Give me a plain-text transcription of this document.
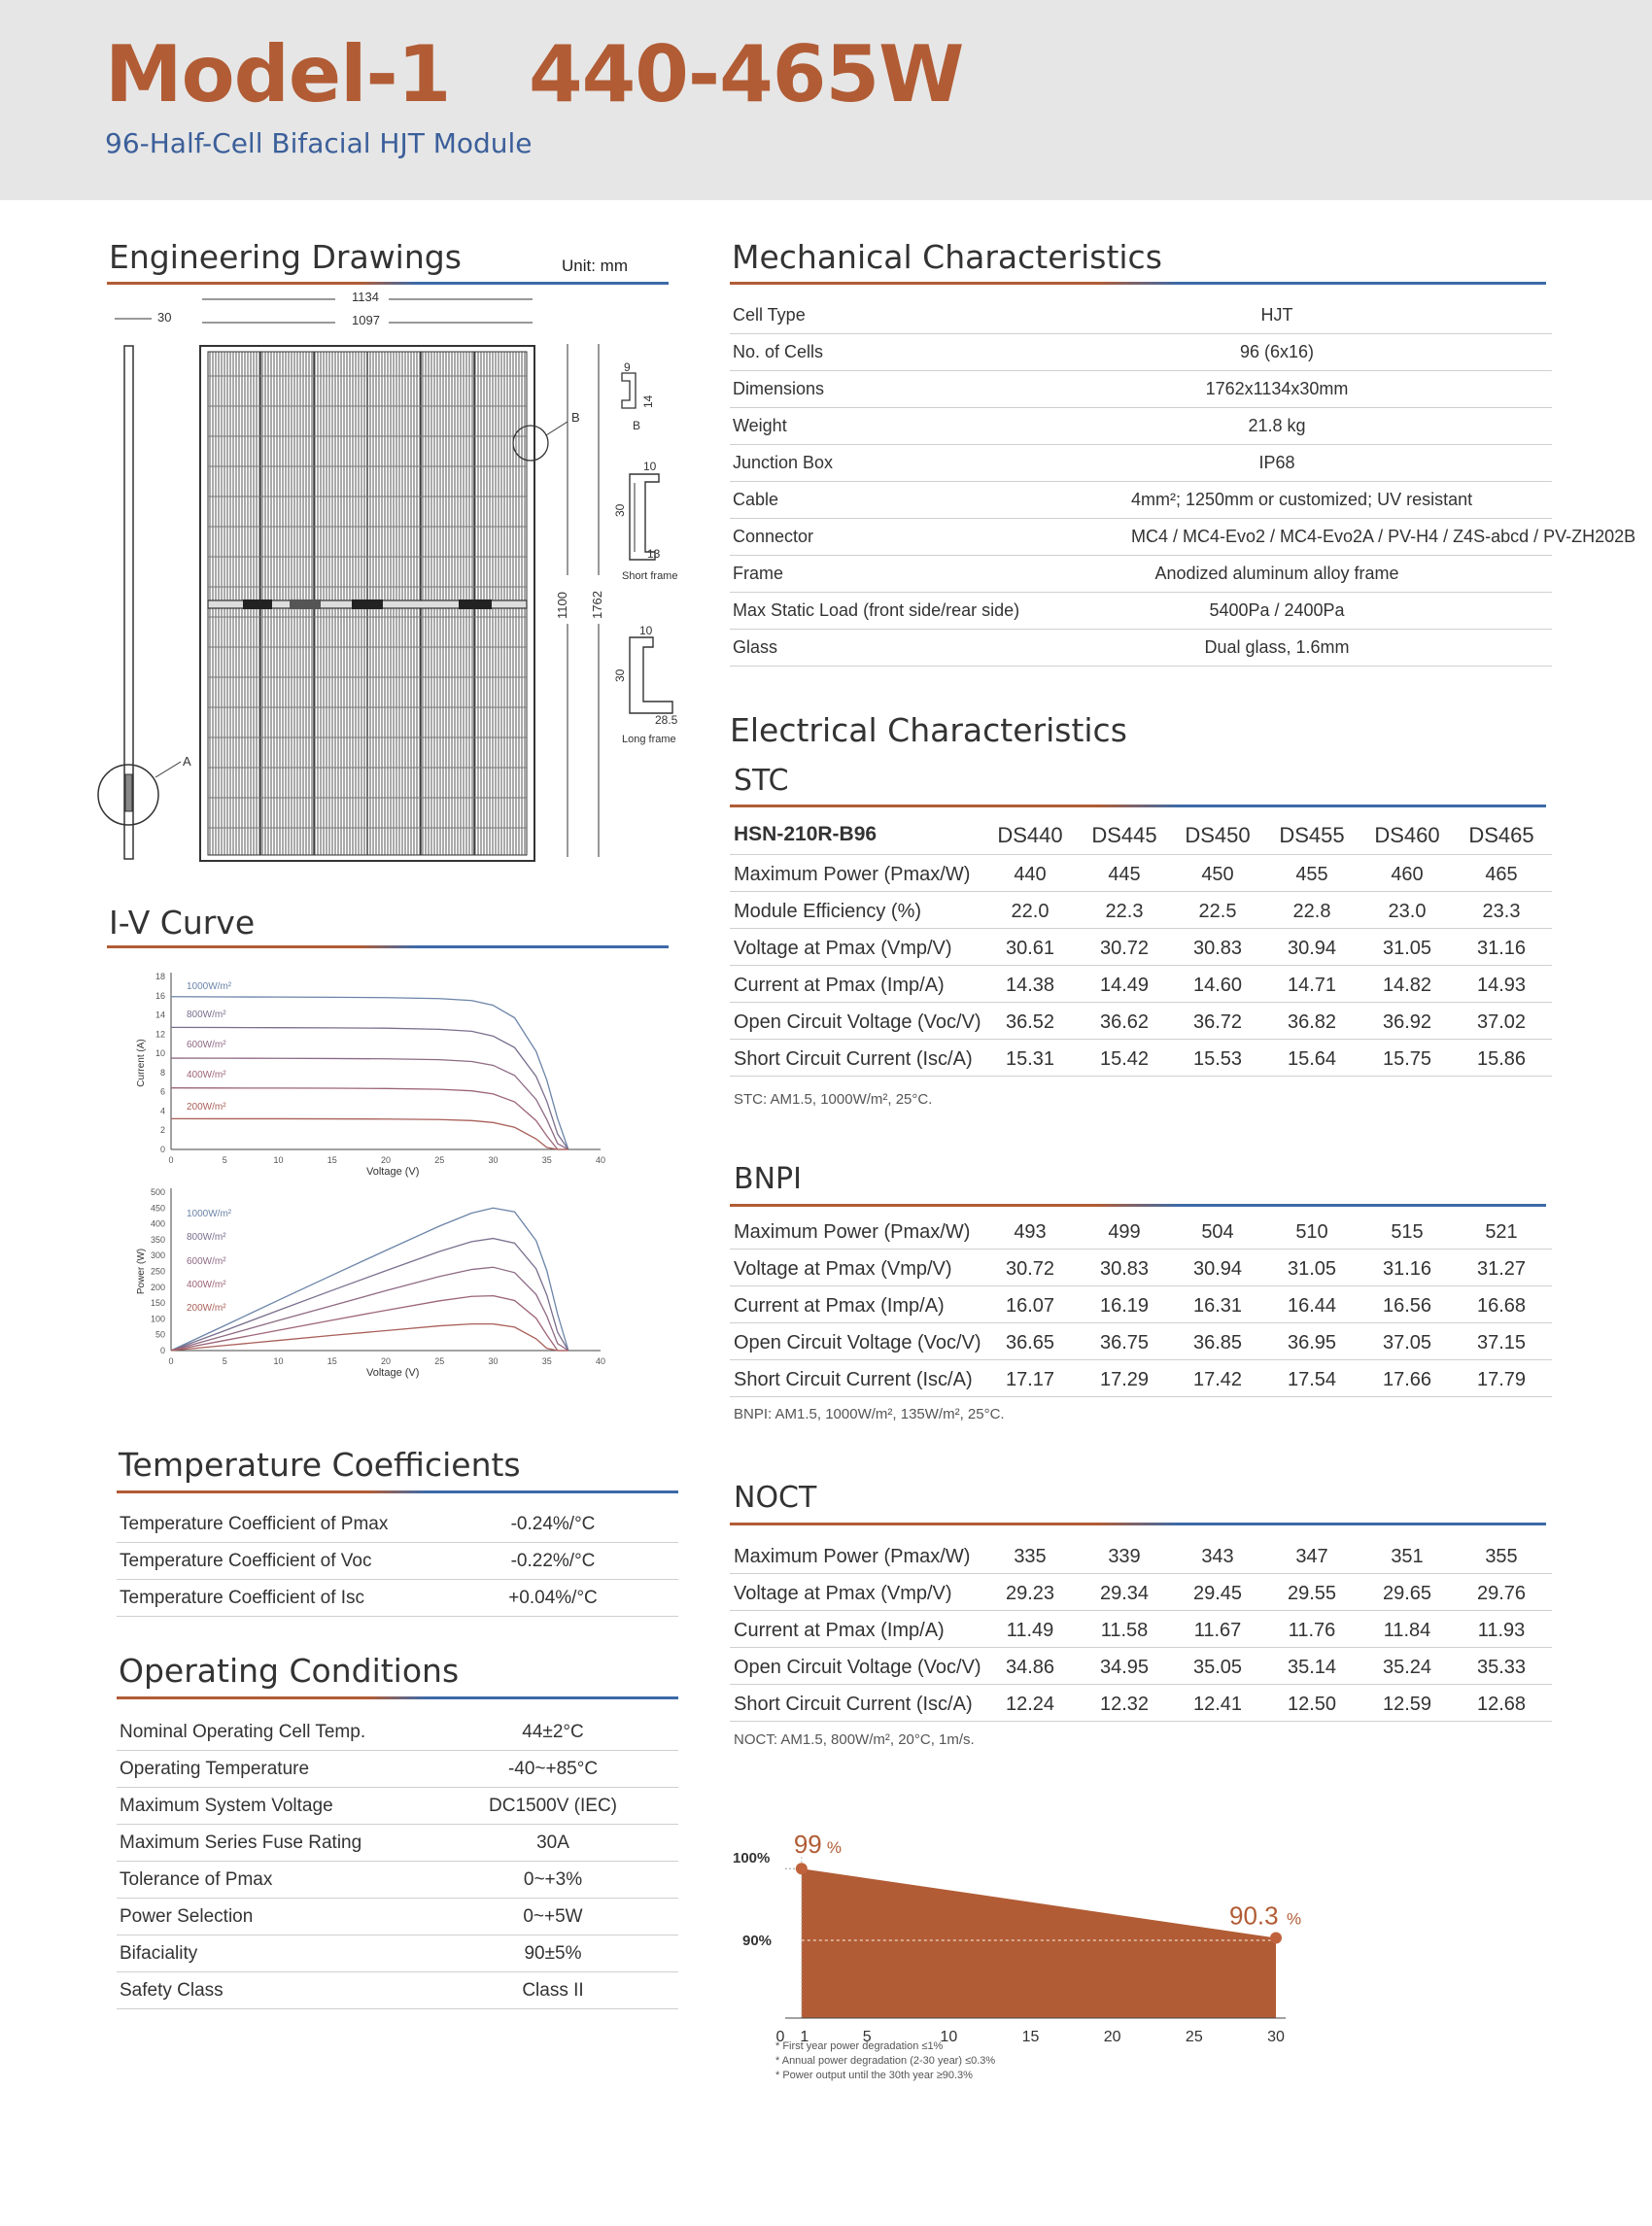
Model-1   440-465W
96-Half-Cell Bifacial HJT Module
Engineering Drawings	Unit: mm
30
1134
1097
A
B
1100 1762
9
14
B
10
30
13
Short frame
10
30
28.5
Long frame
I-V Curve
0
2
4
6
8
10
12
14
16
18
0	5	10	15	20	25	30	35	40
Voltage (V)
Current (A)
1000W/m²
800W/m²
600W/m²
400W/m²
200W/m²
0
50
100
150
200
250
300
350
400
450
500
0	5	10	15	20	25	30	35	40
Voltage (V)
Power (W)
1000W/m²
800W/m²
600W/m²
400W/m²
200W/m²
Temperature Coefficients
Temperature Coefficient of Pmax	-0.24%/°C
Temperature Coefficient of Voc	-0.22%/°C
Temperature Coefficient of Isc	+0.04%/°C
Operating Conditions
Nominal Operating Cell Temp.	44±2°C
Operating Temperature	-40~+85°C
Maximum System Voltage	DC1500V (IEC)
Maximum Series Fuse Rating	30A
Tolerance of Pmax	0~+3%
Power Selection	0~+5W
Bifaciality	90±5%
Safety Class	Class II
Mechanical Characteristics
Cell Type	HJT
No. of Cells	96 (6x16)
Dimensions	1762x1134x30mm
Weight	21.8 kg
Junction Box	IP68
Cable	4mm²; 1250mm or customized; UV resistant
Connector	MC4 / MC4-Evo2 / MC4-Evo2A / PV-H4 / Z4S-abcd / PV-ZH202B
Frame	Anodized aluminum alloy frame
Max Static Load (front side/rear side)	5400Pa / 2400Pa
Glass	Dual glass, 1.6mm
Electrical Characteristics
STC
HSN-210R-B96	DS440	DS445	DS450	DS455	DS460	DS465
Maximum Power (Pmax/W)	440	445	450	455	460	465
Module Efficiency (%)	22.0	22.3	22.5	22.8	23.0	23.3
Voltage at Pmax (Vmp/V)	30.61	30.72	30.83	30.94	31.05	31.16
Current at Pmax (Imp/A)	14.38	14.49	14.60	14.71	14.82	14.93
Open Circuit Voltage (Voc/V)	36.52	36.62	36.72	36.82	36.92	37.02
Short Circuit Current (Isc/A)	15.31	15.42	15.53	15.64	15.75	15.86
STC: AM1.5, 1000W/m², 25°C.
BNPI
Maximum Power (Pmax/W)	493	499	504	510	515	521
Voltage at Pmax (Vmp/V)	30.72	30.83	30.94	31.05	31.16	31.27
Current at Pmax (Imp/A)	16.07	16.19	16.31	16.44	16.56	16.68
Open Circuit Voltage (Voc/V)	36.65	36.75	36.85	36.95	37.05	37.15
Short Circuit Current (Isc/A)	17.17	17.29	17.42	17.54	17.66	17.79
BNPI: AM1.5, 1000W/m², 135W/m², 25°C.
NOCT
Maximum Power (Pmax/W)	335	339	343	347	351	355
Voltage at Pmax (Vmp/V)	29.23	29.34	29.45	29.55	29.65	29.76
Current at Pmax (Imp/A)	11.49	11.58	11.67	11.76	11.84	11.93
Open Circuit Voltage (Voc/V)	34.86	34.95	35.05	35.14	35.24	35.33
Short Circuit Current (Isc/A)	12.24	12.32	12.41	12.50	12.59	12.68
NOCT: AM1.5, 800W/m², 20°C, 1m/s.
100%
90%
99 %
90.3 %
0 1	5	10	15	20	25	30
* First year power degradation ≤1%
* Annual power degradation (2-30 year) ≤0.3%
* Power output until the 30th year ≥90.3%
